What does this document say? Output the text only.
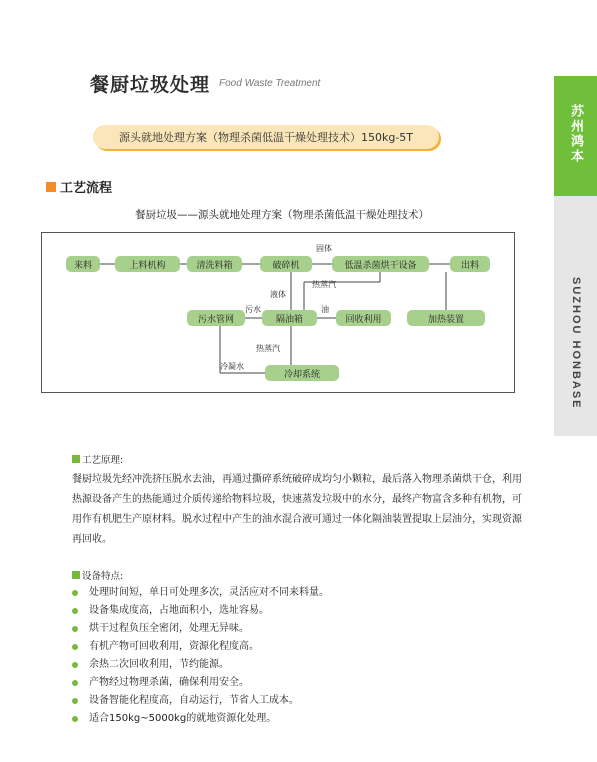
餐厨垃圾处理 Food Waste Treatment
源头就地处理方案（物理杀菌低温干燥处理技术）150kg-5T	苏州鸿本
SUZHOU HONBASE
工艺流程
餐厨垃圾——源头就地处理方案（物理杀菌低温干燥处理技术）
来料	上料机构	清洗料箱	破碎机	低温杀菌烘干设备	出料
污水管网	隔油箱	回收利用	加热装置
冷却系统
固体
液体
热蒸汽
污水	油
热蒸汽
冷凝水
工艺原理:
餐厨垃圾先经冲洗挤压脱水去油，再通过撕碎系统破碎成均匀小颗粒，最后落入物理杀菌烘干仓，利用热源设备产生的热能通过介质传递给物料垃圾，快速蒸发垃圾中的水分，最终产物富含多种有机物，可用作有机肥生产原材料。脱水过程中产生的油水混合液可通过一体化隔油装置提取上层油分，实现资源再回收。
设备特点:
处理时间短，单日可处理多次，灵活应对不同来料量。
设备集成度高，占地面积小，选址容易。
烘干过程负压全密闭，处理无异味。
有机产物可回收利用，资源化程度高。
余热二次回收利用，节约能源。
产物经过物理杀菌，确保利用安全。
设备智能化程度高，自动运行，节省人工成本。
适合150kg~5000kg的就地资源化处理。
